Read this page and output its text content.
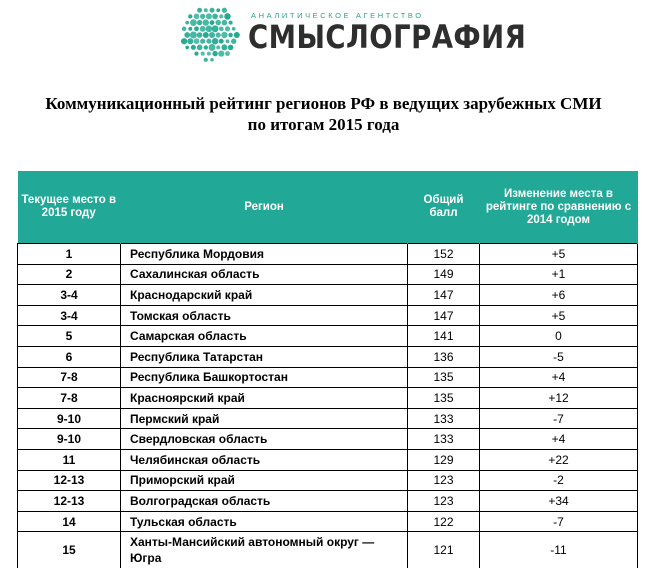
АНАЛИТИЧЕСКОЕ АГЕНТСТВО
СМЫСЛОГРАФИЯ
Коммуникационный рейтинг регионов РФ в ведущих зарубежных СМИ
по итогам 2015 года
Текущее место в 2015 году	Регион	Общий балл	Изменение места в рейтинге по сравнению с 2014 годом
1	Республика Мордовия	152	+5
2	Сахалинская область	149	+1
3-4	Краснодарский край	147	+6
3-4	Томская область	147	+5
5	Самарская область	141	0
6	Республика Татарстан	136	-5
7-8	Республика Башкортостан	135	+4
7-8	Красноярский край	135	+12
9-10	Пермский край	133	-7
9-10	Свердловская область	133	+4
11	Челябинская область	129	+22
12-13	Приморский край	123	-2
12-13	Волгоградская область	123	+34
14	Тульская область	122	-7
15	Ханты-Мансийский автономный округ — Югра	121	-11
